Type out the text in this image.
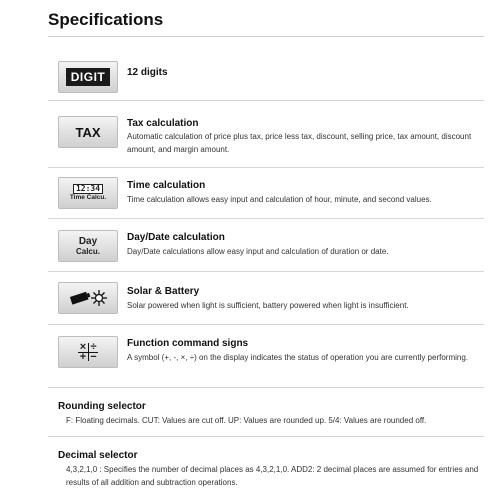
Specifications
DIGIT	12 digits
TAX
Tax calculation
Automatic calculation of price plus tax, price less tax, discount, selling price, tax amount, discount amount, and margin amount.
12:34
Time Calcu.
Time calculation
Time calculation allows easy input and calculation of hour, minute, and second values.
Day
Calcu.
Day/Date calculation
Day/Date calculations allow easy input and calculation of duration or date.
Solar & Battery
Solar powered when light is sufficient, battery powered when light is insufficient.
× ÷
+ −
Function command signs
A symbol (+, -, ×, ÷) on the display indicates the status of operation you are currently performing.
Rounding selector
F: Floating decimals. CUT: Values are cut off. UP: Values are rounded up. 5/4: Values are rounded off.
Decimal selector
4,3,2,1,0 : Specifies the number of decimal places as 4,3,2,1,0. ADD2: 2 decimal places are assumed for entries and results of all addition and subtraction operations.
